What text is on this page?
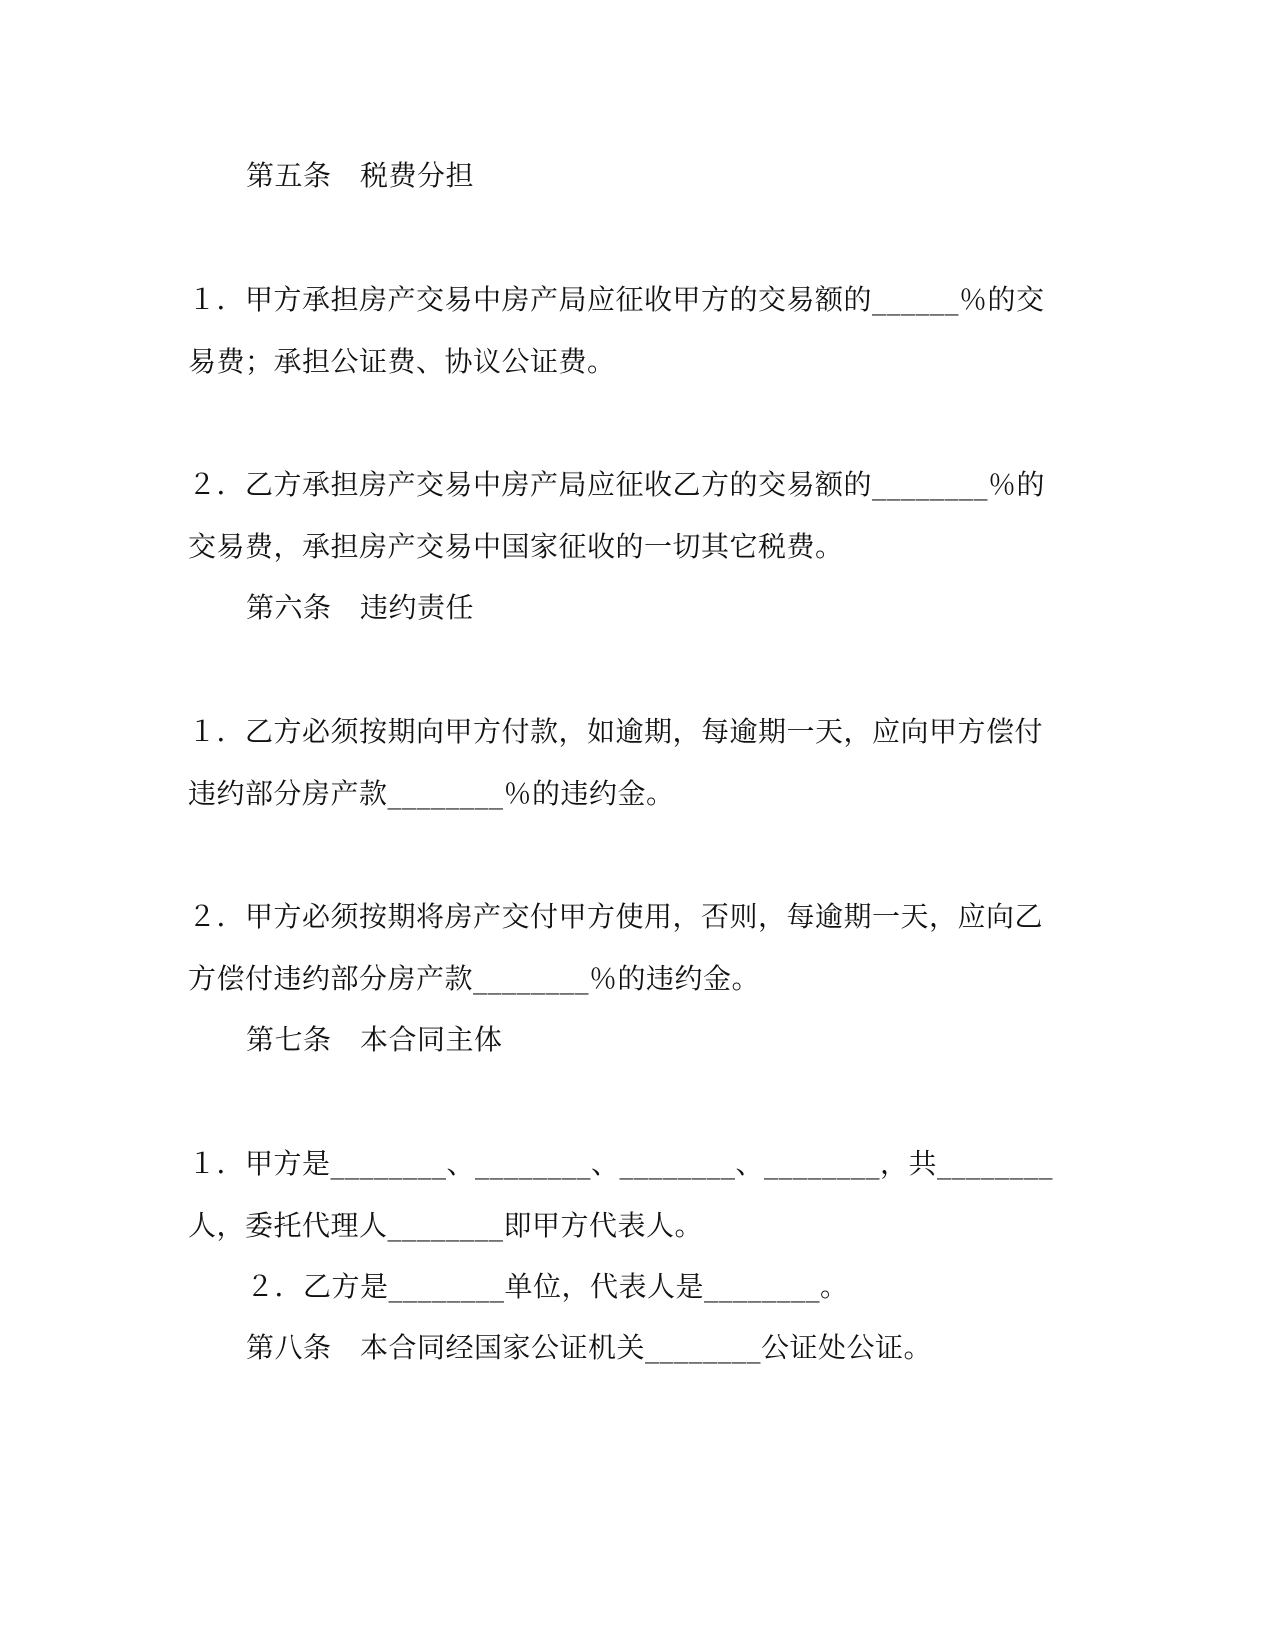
第五条　税费分担
１．甲方承担房产交易中房产局应征收甲方的交易额的______％的交
易费；承担公证费、协议公证费。
２．乙方承担房产交易中房产局应征收乙方的交易额的________％的
交易费，承担房产交易中国家征收的一切其它税费。
第六条　违约责任
１．乙方必须按期向甲方付款，如逾期，每逾期一天，应向甲方偿付
违约部分房产款________％的违约金。
２．甲方必须按期将房产交付甲方使用，否则，每逾期一天，应向乙
方偿付违约部分房产款________％的违约金。
第七条　本合同主体
１．甲方是________、________、________、________，共________
人，委托代理人________即甲方代表人。
２．乙方是________单位，代表人是________。
第八条　本合同经国家公证机关________公证处公证。
